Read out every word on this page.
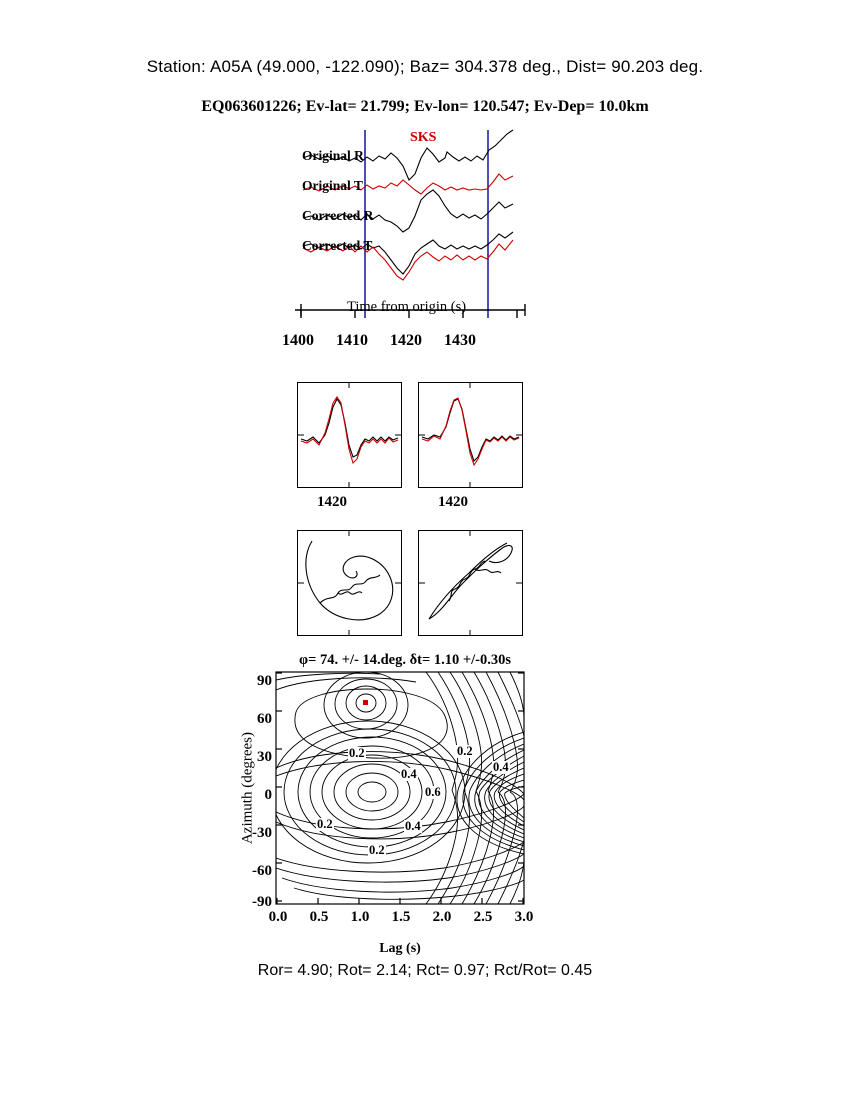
Station: A05A (49.000, -122.090); Baz= 304.378 deg., Dist= 90.203 deg.
EQ063601226; Ev-lat= 21.799; Ev-lon= 120.547; Ev-Dep= 10.0km
SKS
Original R
Original T
Corrected R
Corrected T
Time from origin (s)
1400 1410 1420 1430
1420	1420
φ= 74. +/- 14.deg. δt= 1.10 +/-0.30s
Azimuth (degrees)
90
60
30
0
-30
-60
-90
0.2	0.2
0.4	0.4
0.2	0.4
0.6
0.2
0.0	0.5	1.0	1.5	2.0	2.5	3.0
Lag (s)
Ror= 4.90; Rot= 2.14; Rct= 0.97; Rct/Rot= 0.45
